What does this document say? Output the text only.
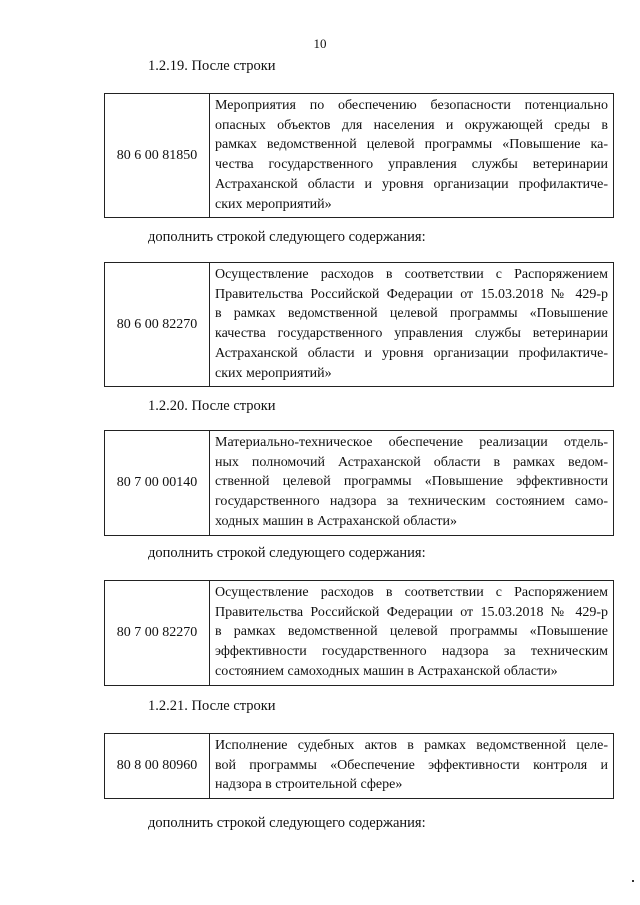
10
1.2.19. После строки
80 6 00 81850
Мероприятия по обеспечению безопасности потенциально
опасных объектов для населения и окружающей среды в
рамках ведомственной целевой программы «Повышение ка-
чества государственного управления службы ветеринарии
Астраханской области и уровня организации профилактиче-
ских мероприятий»
дополнить строкой следующего содержания:
80 6 00 82270
Осуществление расходов в соответствии с Распоряжением
Правительства Российской Федерации от 15.03.2018 № 429-р
в рамках ведомственной целевой программы «Повышение
качества государственного управления службы ветеринарии
Астраханской области и уровня организации профилактиче-
ских мероприятий»
1.2.20. После строки
80 7 00 00140
Материально-техническое обеспечение реализации отдель-
ных полномочий Астраханской области в рамках ведом-
ственной целевой программы «Повышение эффективности
государственного надзора за техническим состоянием само-
ходных машин в Астраханской области»
дополнить строкой следующего содержания:
80 7 00 82270
Осуществление расходов в соответствии с Распоряжением
Правительства Российской Федерации от 15.03.2018 № 429-р
в рамках ведомственной целевой программы «Повышение
эффективности государственного надзора за техническим
состоянием самоходных машин в Астраханской области»
1.2.21. После строки
80 8 00 80960
Исполнение судебных актов в рамках ведомственной целе-
вой программы «Обеспечение эффективности контроля и
надзора в строительной сфере»
дополнить строкой следующего содержания:
